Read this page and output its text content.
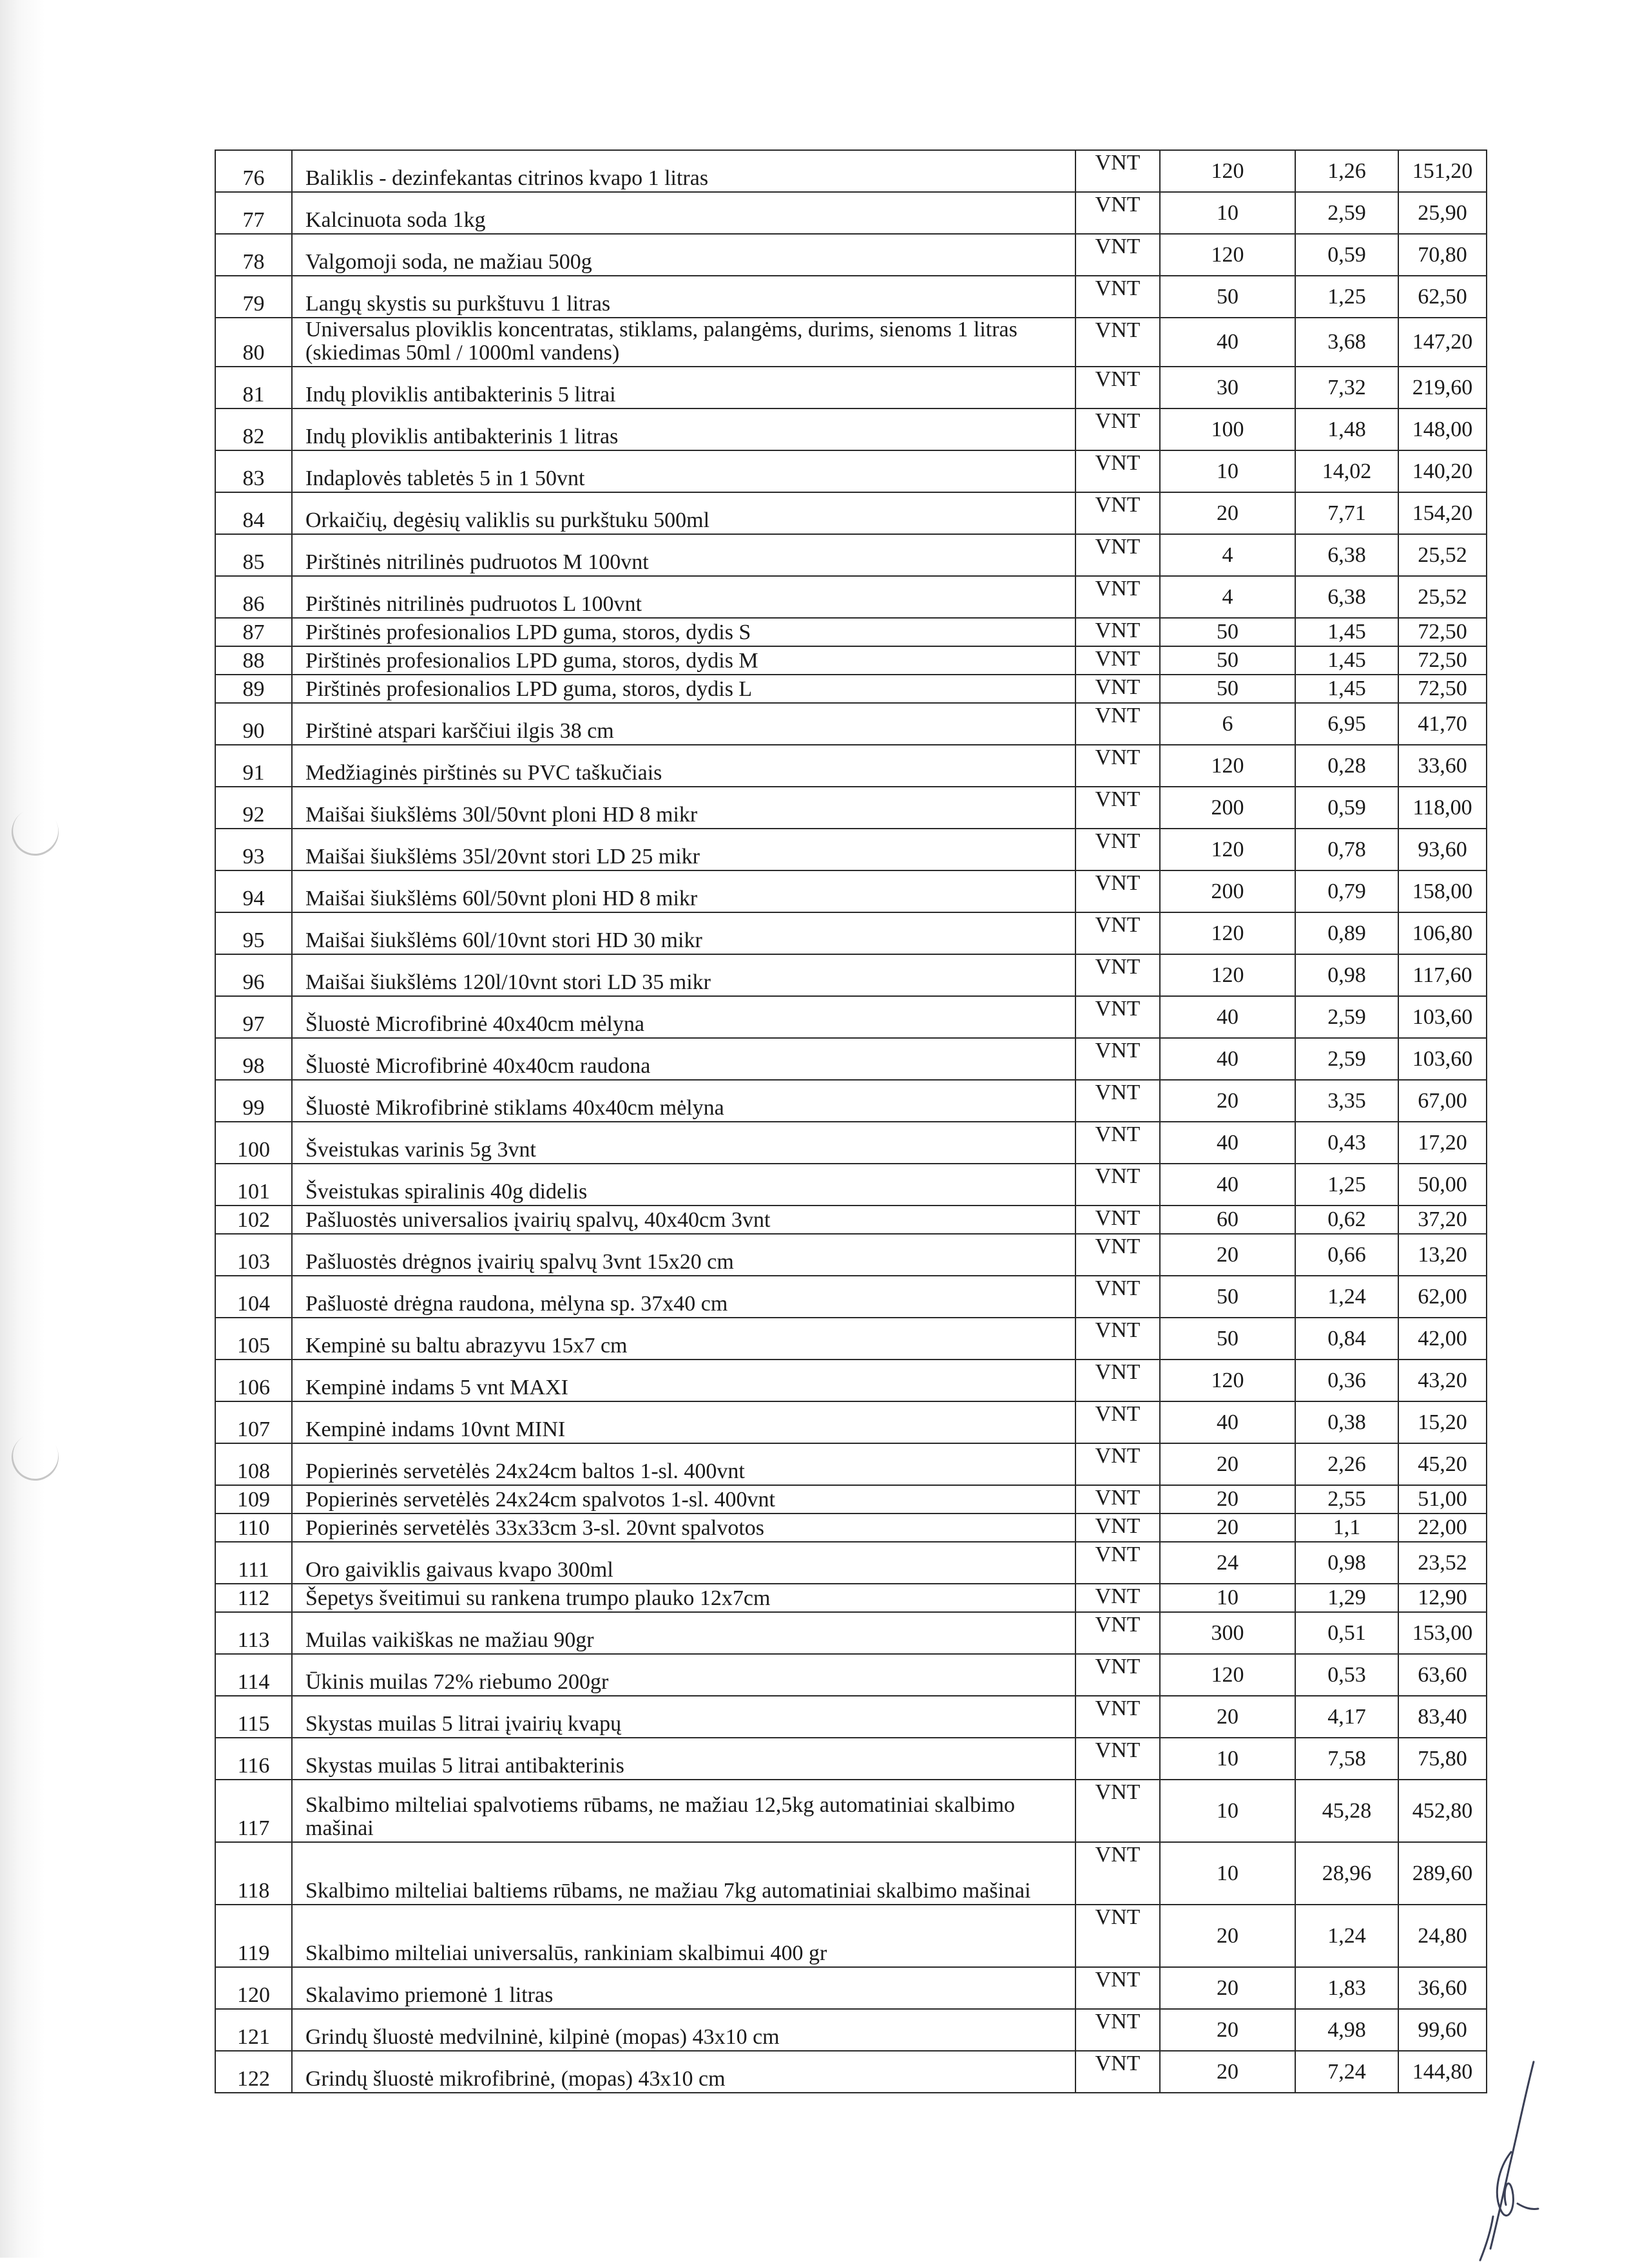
76	Baliklis - dezinfekantas citrinos kvapo 1 litras	VNT	120	1,26	151,20
77	Kalcinuota soda 1kg	VNT	10	2,59	25,90
78	Valgomoji soda, ne mažiau 500g	VNT	120	0,59	70,80
79	Langų skystis su purkštuvu 1 litras	VNT	50	1,25	62,50
80	Universalus ploviklis koncentratas, stiklams, palangėms, durims, sienoms 1 litras (skiedimas 50ml / 1000ml vandens)	VNT	40	3,68	147,20
81	Indų ploviklis antibakterinis 5 litrai	VNT	30	7,32	219,60
82	Indų ploviklis antibakterinis 1 litras	VNT	100	1,48	148,00
83	Indaplovės tabletės 5 in 1 50vnt	VNT	10	14,02	140,20
84	Orkaičių, degėsių valiklis su purkštuku 500ml	VNT	20	7,71	154,20
85	Pirštinės nitrilinės pudruotos M 100vnt	VNT	4	6,38	25,52
86	Pirštinės nitrilinės pudruotos L 100vnt	VNT	4	6,38	25,52
87	Pirštinės profesionalios LPD guma, storos, dydis S	VNT	50	1,45	72,50
88	Pirštinės profesionalios LPD guma, storos, dydis M	VNT	50	1,45	72,50
89	Pirštinės profesionalios LPD guma, storos, dydis L	VNT	50	1,45	72,50
90	Pirštinė atspari karščiui ilgis 38 cm	VNT	6	6,95	41,70
91	Medžiaginės pirštinės su PVC taškučiais	VNT	120	0,28	33,60
92	Maišai šiukšlėms 30l/50vnt ploni HD 8 mikr	VNT	200	0,59	118,00
93	Maišai šiukšlėms 35l/20vnt stori LD 25 mikr	VNT	120	0,78	93,60
94	Maišai šiukšlėms 60l/50vnt ploni HD 8 mikr	VNT	200	0,79	158,00
95	Maišai šiukšlėms 60l/10vnt stori HD 30 mikr	VNT	120	0,89	106,80
96	Maišai šiukšlėms 120l/10vnt stori LD 35 mikr	VNT	120	0,98	117,60
97	Šluostė Microfibrinė 40x40cm mėlyna	VNT	40	2,59	103,60
98	Šluostė Microfibrinė 40x40cm raudona	VNT	40	2,59	103,60
99	Šluostė Mikrofibrinė stiklams 40x40cm mėlyna	VNT	20	3,35	67,00
100	Šveistukas varinis 5g 3vnt	VNT	40	0,43	17,20
101	Šveistukas spiralinis 40g didelis	VNT	40	1,25	50,00
102	Pašluostės universalios įvairių spalvų, 40x40cm 3vnt	VNT	60	0,62	37,20
103	Pašluostės drėgnos įvairių spalvų 3vnt 15x20 cm	VNT	20	0,66	13,20
104	Pašluostė drėgna raudona, mėlyna sp. 37x40 cm	VNT	50	1,24	62,00
105	Kempinė su baltu abrazyvu 15x7 cm	VNT	50	0,84	42,00
106	Kempinė indams 5 vnt MAXI	VNT	120	0,36	43,20
107	Kempinė indams 10vnt MINI	VNT	40	0,38	15,20
108	Popierinės servetėlės 24x24cm baltos 1-sl. 400vnt	VNT	20	2,26	45,20
109	Popierinės servetėlės 24x24cm spalvotos 1-sl. 400vnt	VNT	20	2,55	51,00
110	Popierinės servetėlės 33x33cm 3-sl. 20vnt spalvotos	VNT	20	1,1	22,00
111	Oro gaiviklis gaivaus kvapo 300ml	VNT	24	0,98	23,52
112	Šepetys šveitimui su rankena trumpo plauko 12x7cm	VNT	10	1,29	12,90
113	Muilas vaikiškas ne mažiau 90gr	VNT	300	0,51	153,00
114	Ūkinis muilas 72% riebumo 200gr	VNT	120	0,53	63,60
115	Skystas muilas 5 litrai įvairių kvapų	VNT	20	4,17	83,40
116	Skystas muilas 5 litrai antibakterinis	VNT	10	7,58	75,80
117	Skalbimo milteliai spalvotiems rūbams, ne mažiau 12,5kg automatiniai skalbimo mašinai	VNT	10	45,28	452,80
118	Skalbimo milteliai baltiems rūbams, ne mažiau 7kg automatiniai skalbimo mašinai	VNT	10	28,96	289,60
119	Skalbimo milteliai universalūs, rankiniam skalbimui 400 gr	VNT	20	1,24	24,80
120	Skalavimo priemonė 1 litras	VNT	20	1,83	36,60
121	Grindų šluostė medvilninė, kilpinė (mopas) 43x10 cm	VNT	20	4,98	99,60
122	Grindų šluostė mikrofibrinė, (mopas) 43x10 cm	VNT	20	7,24	144,80
